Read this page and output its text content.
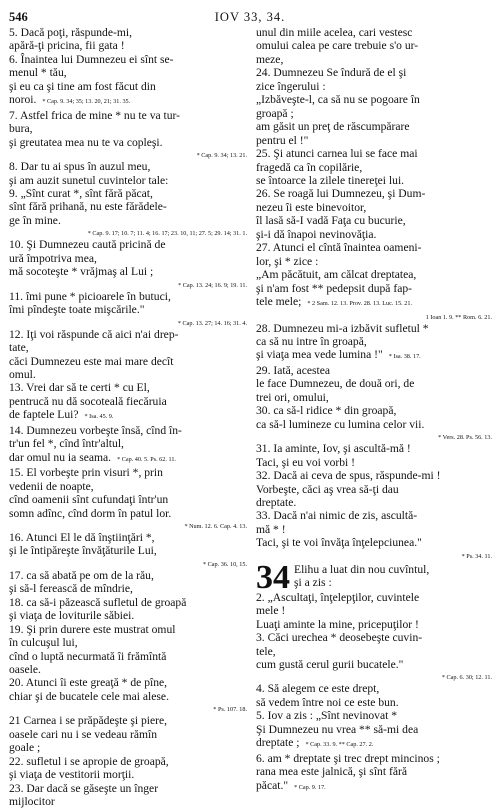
546	IOV 33, 34.
5. Dacă poţi, răspunde-mi,
apără-ţi pricina, fii gata !
6. Înaintea lui Dumnezeu ei sînt se-
menul * tău,
şi eu ca şi tine am fost făcut din
noroi. * Cap. 9. 34; 35; 13. 20, 21; 31. 35.
7. Astfel frica de mine * nu te va tur-
bura,
şi greutatea mea nu te va copleşi.
* Cap. 9. 34; 13. 21.
8. Dar tu ai spus în auzul meu,
şi am auzit sunetul cuvintelor tale:
9. „Sînt curat *, sînt fără păcat,
sînt fără prihană, nu este fărădele-
ge în mine.
* Cap. 9. 17; 10. 7; 11. 4; 16. 17; 23. 10, 11; 27. 5; 29. 14; 31. 1.
10. Şi Dumnezeu caută pricină de
ură împotriva mea,
mă socoteşte * vrăjmaş al Lui ;
* Cap. 13. 24; 16. 9; 19. 11.
11. îmi pune * picioarele în butuci,
îmi pîndeşte toate mişcările."
* Cap. 13. 27; 14. 16; 31. 4.
12. Iţi voi răspunde că aici n'ai drep-
tate,
căci Dumnezeu este mai mare decît
omul.
13. Vrei dar să te certi * cu El,
pentrucă nu dă socoteală fiecăruia
de faptele Lui? * Isa. 45. 9.
14. Dumnezeu vorbeşte însă, cînd în-
tr'un fel *, cînd într'altul,
dar omul nu ia seama. * Cap. 40. 5. Ps. 62. 11.
15. El vorbeşte prin visuri *, prin
vedenii de noapte,
cînd oamenii sînt cufundaţi într'un
somn adînc, cînd dorm în patul lor.
* Num. 12. 6. Cap. 4. 13.
16. Atunci El le dă înştiinţări *,
şi le întipăreşte învăţăturile Lui,
* Cap. 36. 10, 15.
17. ca să abată pe om de la rău,
şi să-l ferească de mîndrie,
18. ca să-i păzească sufletul de groapă
şi viaţa de loviturile săbiei.
19. Şi prin durere este mustrat omul
în culcuşul lui,
cînd o luptă necurmată îi frămîntă
oasele.
20. Atunci îi este greaţă * de pîne,
chiar şi de bucatele cele mai alese.
* Ps. 107. 18.
21 Carnea i se prăpădeşte şi piere,
oasele cari nu i se vedeau rămîn
goale ;
22. sufletul i se apropie de groapă,
şi viaţa de vestitorii morţii.
23. Dar dacă se găseşte un înger
mijlocitor
unul din miile acelea, cari vestesc
omului calea pe care trebuie s'o ur-
meze,
24. Dumnezeu Se îndură de el şi
zice îngerului :
„Izbăveşte-l, ca să nu se pogoare în
groapă ;
am găsit un preţ de răscumpărare
pentru el !"
25. Şi atunci carnea lui se face mai
fragedă ca în copilărie,
se întoarce la zilele tinereţei lui.
26. Se roagă lui Dumnezeu, şi Dum-
nezeu îi este binevoitor,
îl lasă să-I vadă Faţa cu bucurie,
şi-i dă înapoi nevinovăţia.
27. Atunci el cîntă înaintea oameni-
lor, şi * zice :
„Am păcătuit, am călcat dreptatea,
şi n'am fost ** pedepsit după fap-
tele mele; * 2 Sam. 12. 13. Prov. 28. 13. Luc. 15. 21.
1 Ioan 1. 9. ** Rom. 6. 21.
28. Dumnezeu mi-a izbăvit sufletul *
ca să nu intre în groapă,
şi viaţa mea vede lumina !" * Isa. 38. 17.
29. Iată, acestea
le face Dumnezeu, de două ori, de
trei ori, omului,
30. ca să-l ridice * din groapă,
ca să-l lumineze cu lumina celor vii.
* Vers. 28. Ps. 56. 13.
31. Ia aminte, Iov, şi ascultă-mă !
Taci, şi eu voi vorbi !
32. Dacă ai ceva de spus, răspunde-mi !
Vorbeşte, căci aş vrea să-ţi dau
dreptate.
33. Dacă n'ai nimic de zis, ascultă-
mă * !
Taci, şi te voi învăţa înţelepciunea."
* Ps. 34. 11.
34 Elihu a luat din nou cuvîntul,
şi a zis :
2. „Ascultaţi, înţelepţilor, cuvintele
mele !
Luaţi aminte la mine, pricepuţilor !
3. Căci urechea * deosebeşte cuvin-
tele,
cum gustă cerul gurii bucatele."
* Cap. 6. 30; 12. 11.
4. Să alegem ce este drept,
să vedem între noi ce este bun.
5. Iov a zis : „Sînt nevinovat *
Şi Dumnezeu nu vrea ** să-mi dea
dreptate ; * Cap. 33. 9. ** Cap. 27. 2.
6. am * dreptate şi trec drept mincinos ;
rana mea este jalnică, şi sînt fără
păcat." * Cap. 9. 17.
